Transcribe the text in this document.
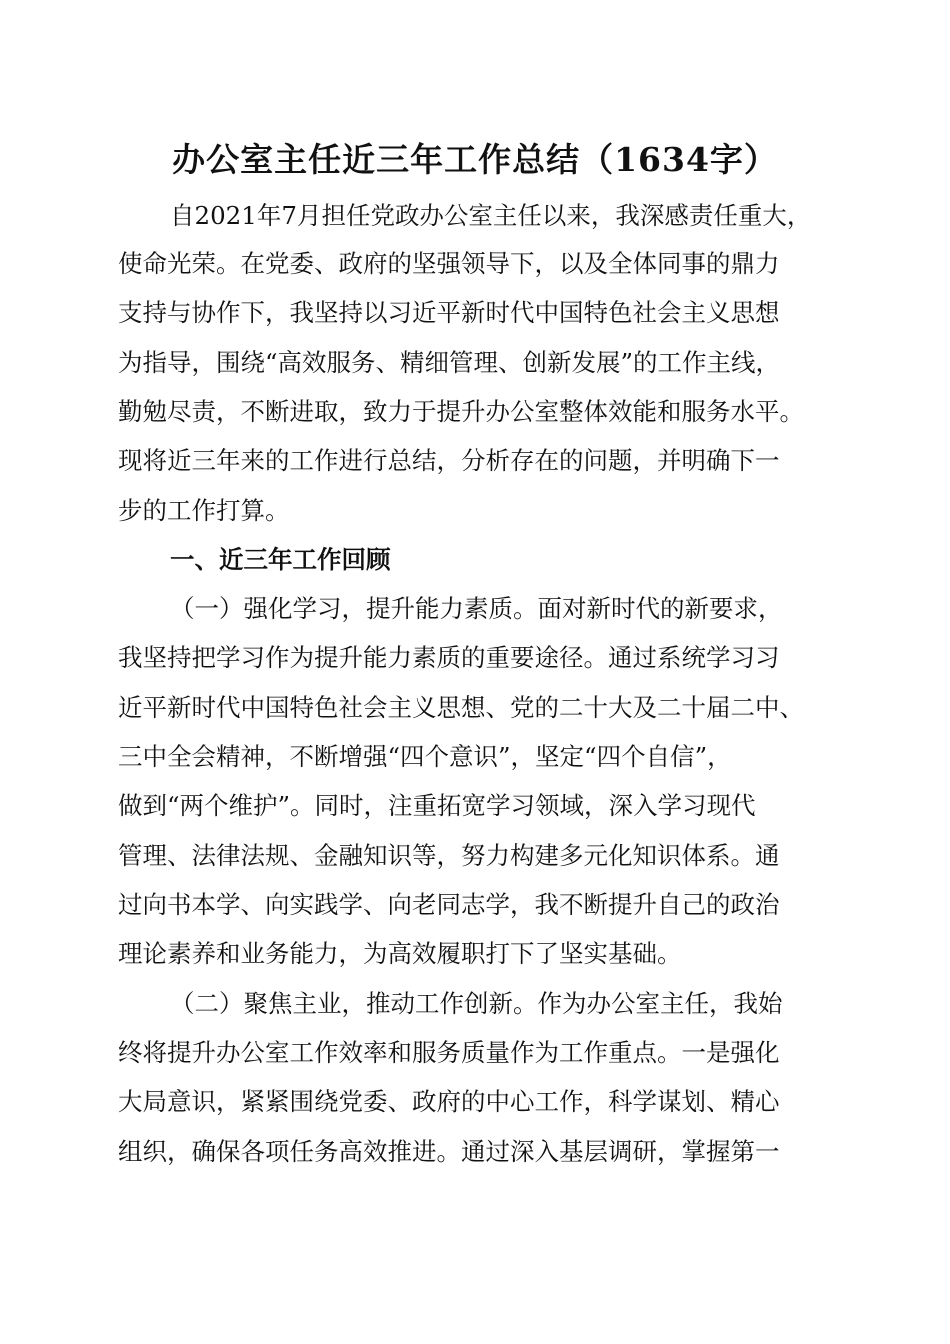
办公室主任近三年工作总结（1634字）
自2021年7月担任党政办公室主任以来，我深感责任重大，
使命光荣。在党委、政府的坚强领导下，以及全体同事的鼎力
支持与协作下，我坚持以习近平新时代中国特色社会主义思想
为指导，围绕“高效服务、精细管理、创新发展”的工作主线，
勤勉尽责，不断进取，致力于提升办公室整体效能和服务水平。
现将近三年来的工作进行总结，分析存在的问题，并明确下一
步的工作打算。
一、近三年工作回顾
（一）强化学习，提升能力素质。面对新时代的新要求，
我坚持把学习作为提升能力素质的重要途径。通过系统学习习
近平新时代中国特色社会主义思想、党的二十大及二十届二中、
三中全会精神，不断增强“四个意识”，坚定“四个自信”，
做到“两个维护”。同时，注重拓宽学习领域，深入学习现代
管理、法律法规、金融知识等，努力构建多元化知识体系。通
过向书本学、向实践学、向老同志学，我不断提升自己的政治
理论素养和业务能力，为高效履职打下了坚实基础。
（二）聚焦主业，推动工作创新。作为办公室主任，我始
终将提升办公室工作效率和服务质量作为工作重点。一是强化
大局意识，紧紧围绕党委、政府的中心工作，科学谋划、精心
组织，确保各项任务高效推进。通过深入基层调研，掌握第一
